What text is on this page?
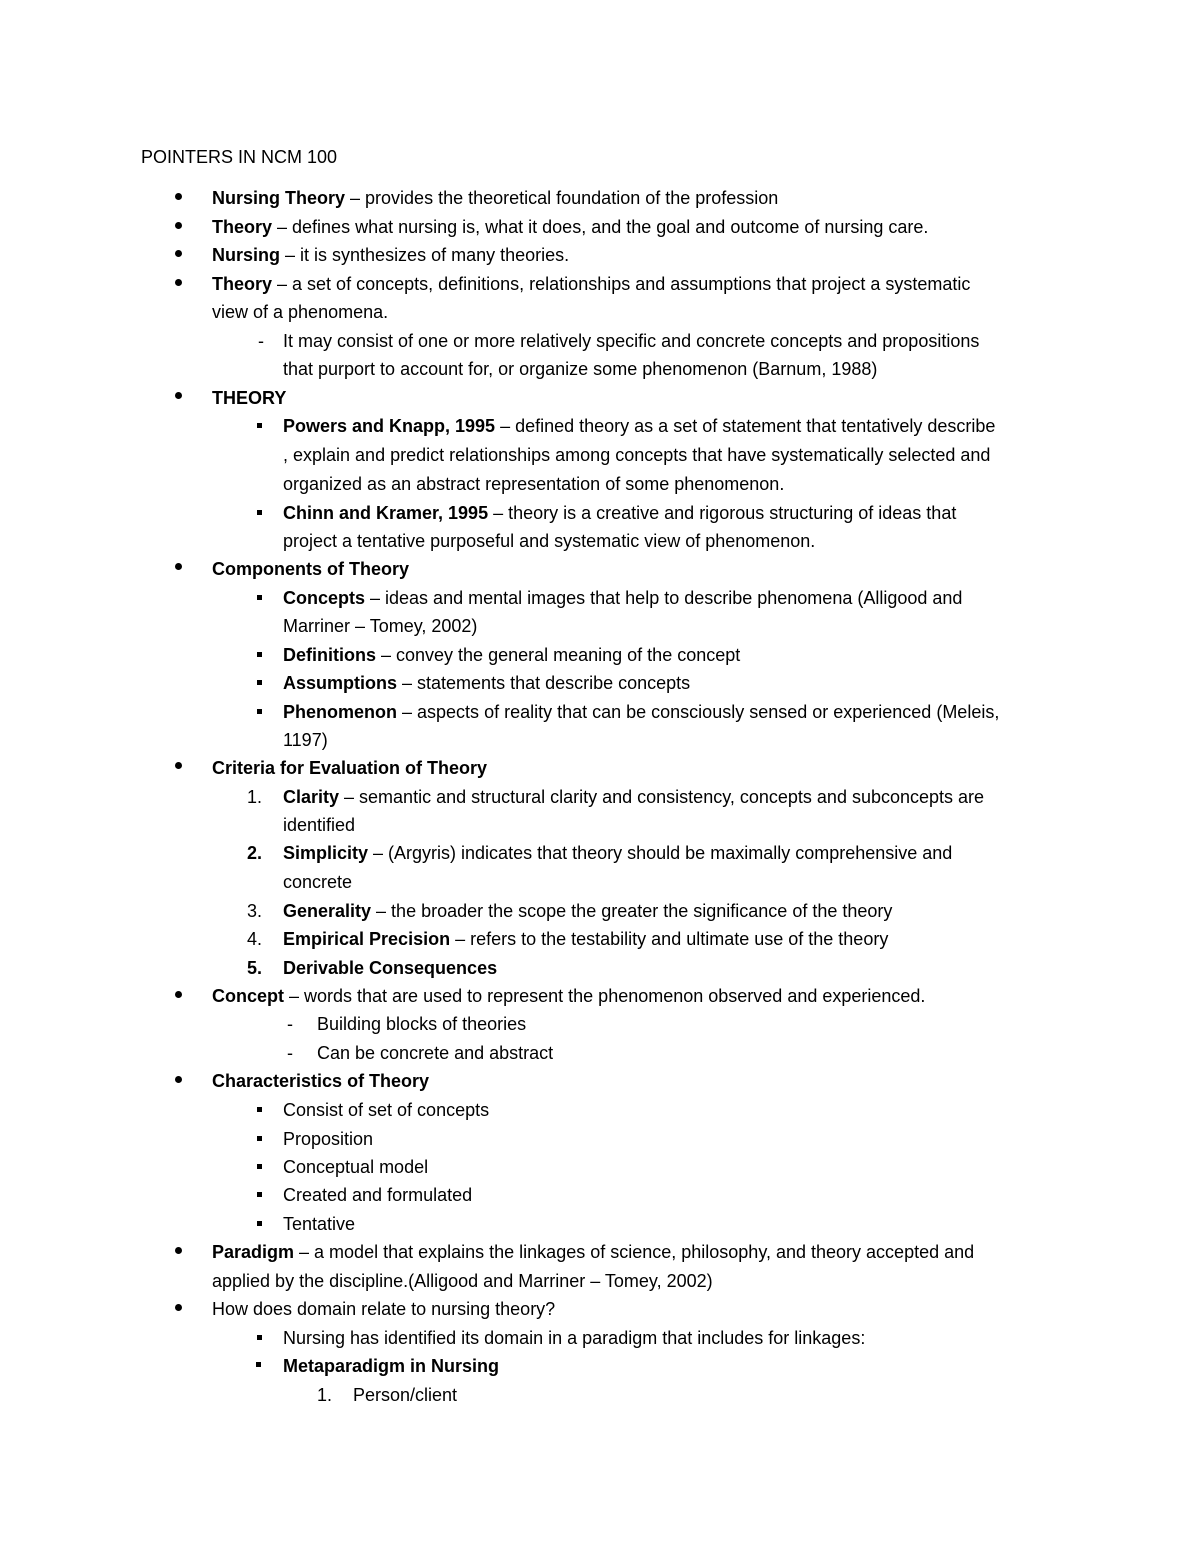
POINTERS IN NCM 100
Nursing Theory – provides the theoretical foundation of the profession
Theory – defines what nursing is, what it does, and the goal and outcome of nursing care.
Nursing – it is synthesizes of many theories.
Theory – a set of concepts, definitions, relationships and assumptions that project a systematic
view of a phenomena.
- It may consist of one or more relatively specific and concrete concepts and propositions
that purport to account for, or organize some phenomenon (Barnum, 1988)
THEORY
Powers and Knapp, 1995 – defined theory as a set of statement that tentatively describe
, explain and predict relationships among concepts that have systematically selected and
organized as an abstract representation of some phenomenon.
Chinn and Kramer, 1995 – theory is a creative and rigorous structuring of ideas that
project a tentative purposeful and systematic view of phenomenon.
Components of Theory
Concepts – ideas and mental images that help to describe phenomena (Alligood and
Marriner – Tomey, 2002)
Definitions – convey the general meaning of the concept
Assumptions – statements that describe concepts
Phenomenon – aspects of reality that can be consciously sensed or experienced (Meleis,
1197)
Criteria for Evaluation of Theory
1. Clarity – semantic and structural clarity and consistency, concepts and subconcepts are
identified
2. Simplicity – (Argyris) indicates that theory should be maximally comprehensive and
concrete
3. Generality – the broader the scope the greater the significance of the theory
4. Empirical Precision – refers to the testability and ultimate use of the theory
5. Derivable Consequences
Concept – words that are used to represent the phenomenon observed and experienced.
- Building blocks of theories
- Can be concrete and abstract
Characteristics of Theory
Consist of set of concepts
Proposition
Conceptual model
Created and formulated
Tentative
Paradigm – a model that explains the linkages of science, philosophy, and theory accepted and
applied by the discipline.(Alligood and Marriner – Tomey, 2002)
How does domain relate to nursing theory?
Nursing has identified its domain in a paradigm that includes for linkages:
Metaparadigm in Nursing
1. Person/client
